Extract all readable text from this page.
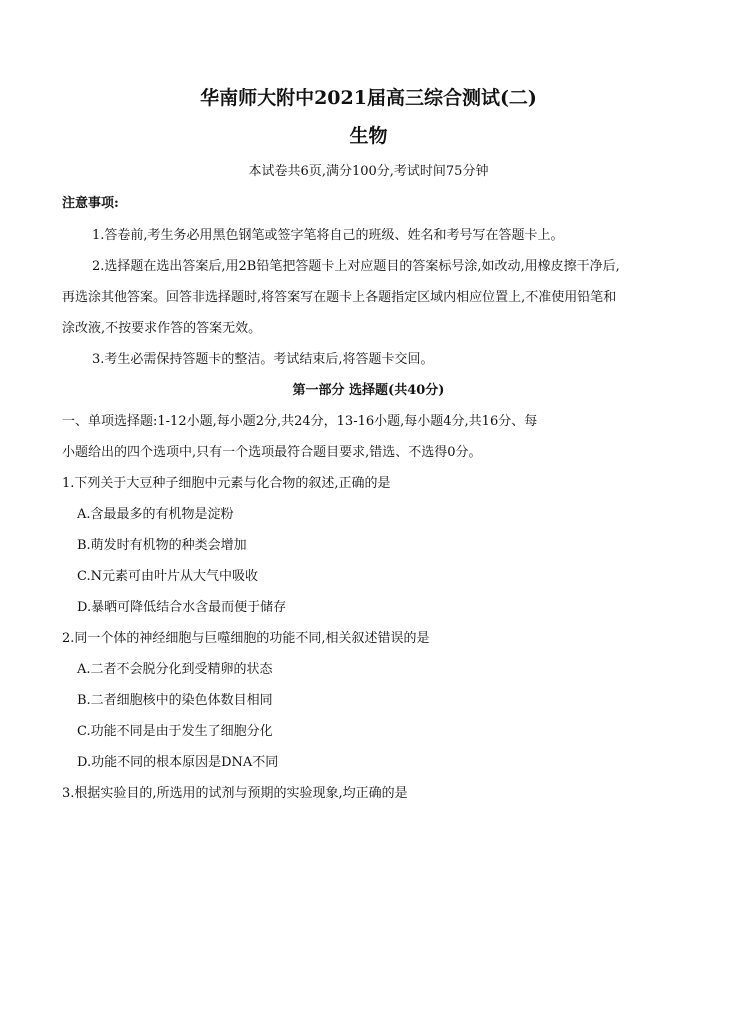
华南师大附中2021届高三综合测试(二)
生物
本试卷共6页,满分100分,考试时间75分钟
注意事项:
1.答卷前,考生务必用黑色钢笔或签字笔将自己的班级、姓名和考号写在答题卡上。
2.选择题在选出答案后,用2B铅笔把答题卡上对应题目的答案标号涂,如改动,用橡皮擦干净后,
再选涂其他答案。回答非选择题时,将答案写在题卡上各题指定区域内相应位置上,不准使用铅笔和
涂改液,不按要求作答的答案无效。
3.考生必需保持答题卡的整洁。考试结束后,将答题卡交回。
第一部分 选择题(共40分)
一、单项选择题:1-12小题,每小题2分,共24分，13-16小题,每小题4分,共16分、每
小题给出的四个选项中,只有一个选项最符合题目要求,错选、不选得0分。
1.下列关于大豆种子细胞中元素与化合物的叙述,正确的是
A.含最最多的有机物是淀粉
B.萌发时有机物的种类会增加
C.N元素可由叶片从大气中吸收
D.暴晒可降低结合水含最而便于储存
2.同一个体的神经细胞与巨噬细胞的功能不同,相关叙述错误的是
A.二者不会脱分化到受精卵的状态
B.二者细胞核中的染色体数目相同
C.功能不同是由于发生了细胞分化
D.功能不同的根本原因是DNA不同
3.根据实验目的,所选用的试剂与预期的实验现象,均正确的是
